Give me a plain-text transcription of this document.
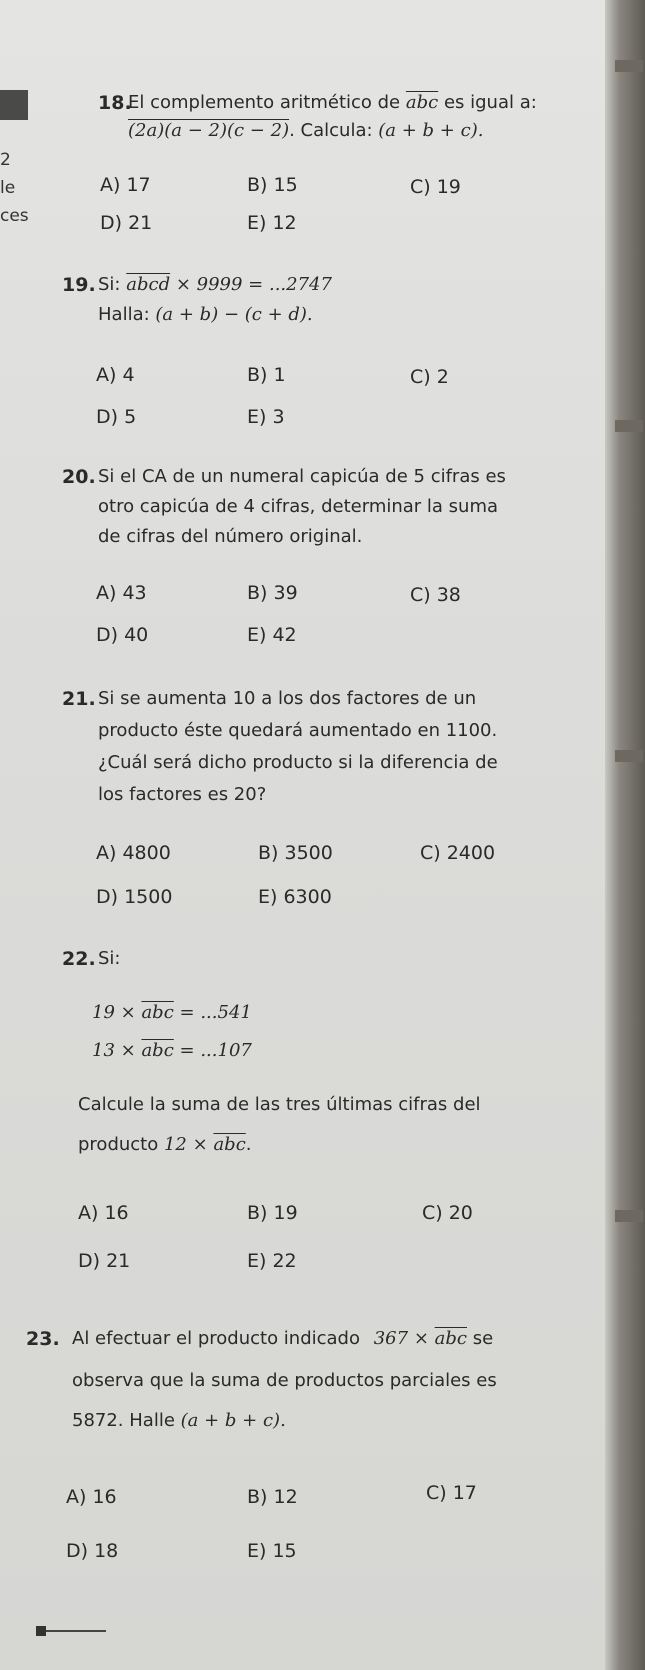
2
le
ces
18.
El complemento aritmético de $\overline{abc}$ es igual a:
(2a)(a − 2)(c − 2). Calcula: (a + b + c).
A) 17	B) 15	C) 19
D) 21	E) 12
19. Si: abcd × 9999 = ...2747
Halla: (a + b) − (c + d).
A) 4	B) 1	C) 2
D) 5	E) 3
20. Si el CA de un numeral capicúa de 5 cifras es
otro capicúa de 4 cifras, determinar la suma
de cifras del número original.
A) 43	B) 39	C) 38
D) 40	E) 42
21. Si se aumenta 10 a los dos factores de un
producto éste quedará aumentado en 1100.
¿Cuál será dicho producto si la diferencia de
los factores es 20?
A) 4800	B) 3500	C) 2400
D) 1500	E) 6300
22. Si:
$19 \times \overline{abc} = ...541$
$13 \times \overline{abc} = ...107$
Calcule la suma de las tres últimas cifras del
producto $12 \times \overline{abc}$.
A) 16	B) 19	C) 20
D) 21	E) 22
23. Al efectuar el producto indicado $367 \times \overline{abc}$ se
observa que la suma de productos parciales es
5872. Halle (a + b + c).
A) 16	B) 12	C) 17
D) 18	E) 15
